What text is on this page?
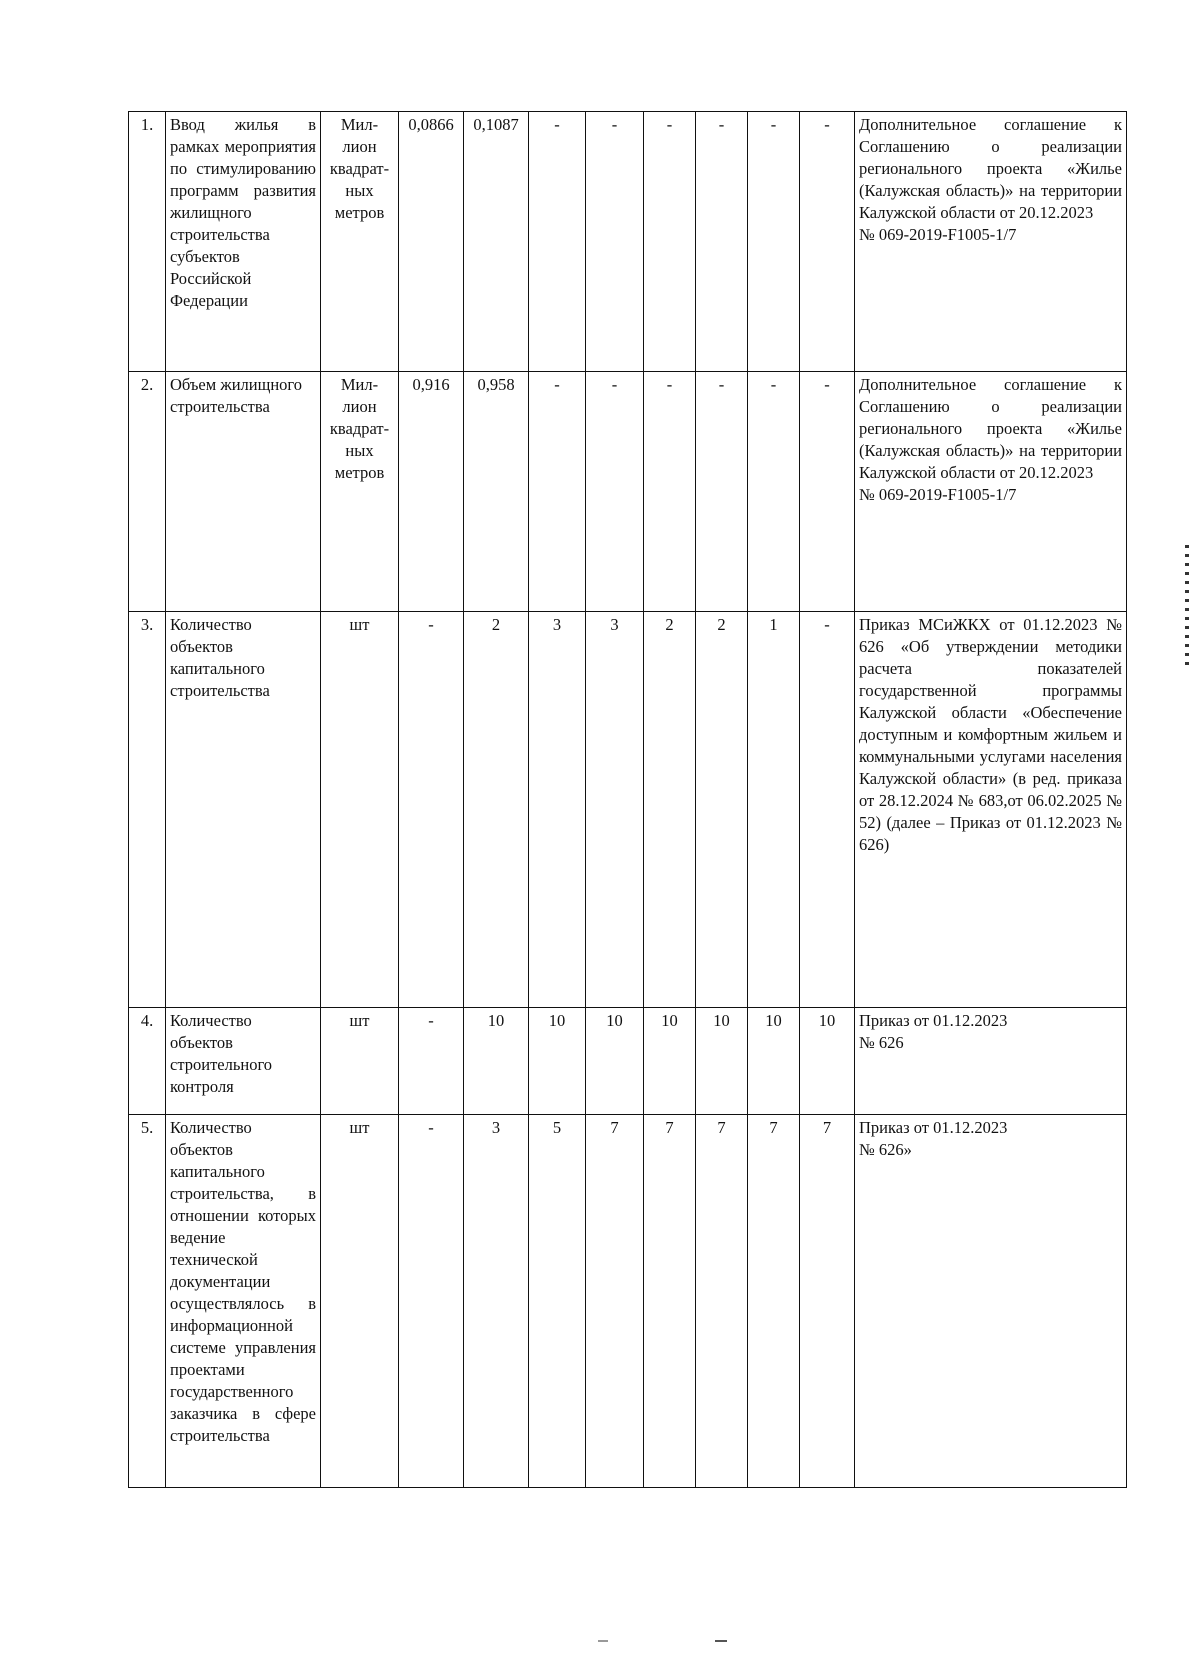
1.	Ввод жилья в рамках мероприятия по стимулированию программ развития жилищного строительства субъектов Российской Федерации	Мил-
лион
квадрат-
ных
метров	0,0866	0,1087	-	-	-	-	-	-	Дополнительное соглашение к Соглашению о реализации регионального проекта «Жилье (Калужская область)» на территории Калужской области от 20.12.2023
№ 069-2019-F1005-1/7

2.	Объем жилищного строительства	Мил-
лион
квадрат-
ных
метров	0,916	0,958	-	-	-	-	-	-	Дополнительное соглашение к Соглашению о реализации регионального проекта «Жилье (Калужская область)» на территории Калужской области от 20.12.2023
№ 069-2019-F1005-1/7

3.	Количество объектов капитального строительства	шт	-	2	3	3	2	2	1	-	Приказ МСиЖКХ от 01.12.2023 № 626 «Об утверждении методики расчета показателей государственной программы Калужской области «Обеспечение доступным и комфортным жильем и коммунальными услугами населения Калужской области» (в ред. приказа от 28.12.2024 № 683,от 06.02.2025 № 52) (далее – Приказ от 01.12.2023 № 626)

4.	Количество объектов строительного контроля	шт	-	10	10	10	10	10	10	10	Приказ от 01.12.2023
№ 626

5.	Количество объектов капитального строительства, в отношении которых ведение технической документации осуществлялось в информационной системе управления проектами государственного заказчика в сфере строительства	шт	-	3	5	7	7	7	7	7	Приказ от 01.12.2023
№ 626»
